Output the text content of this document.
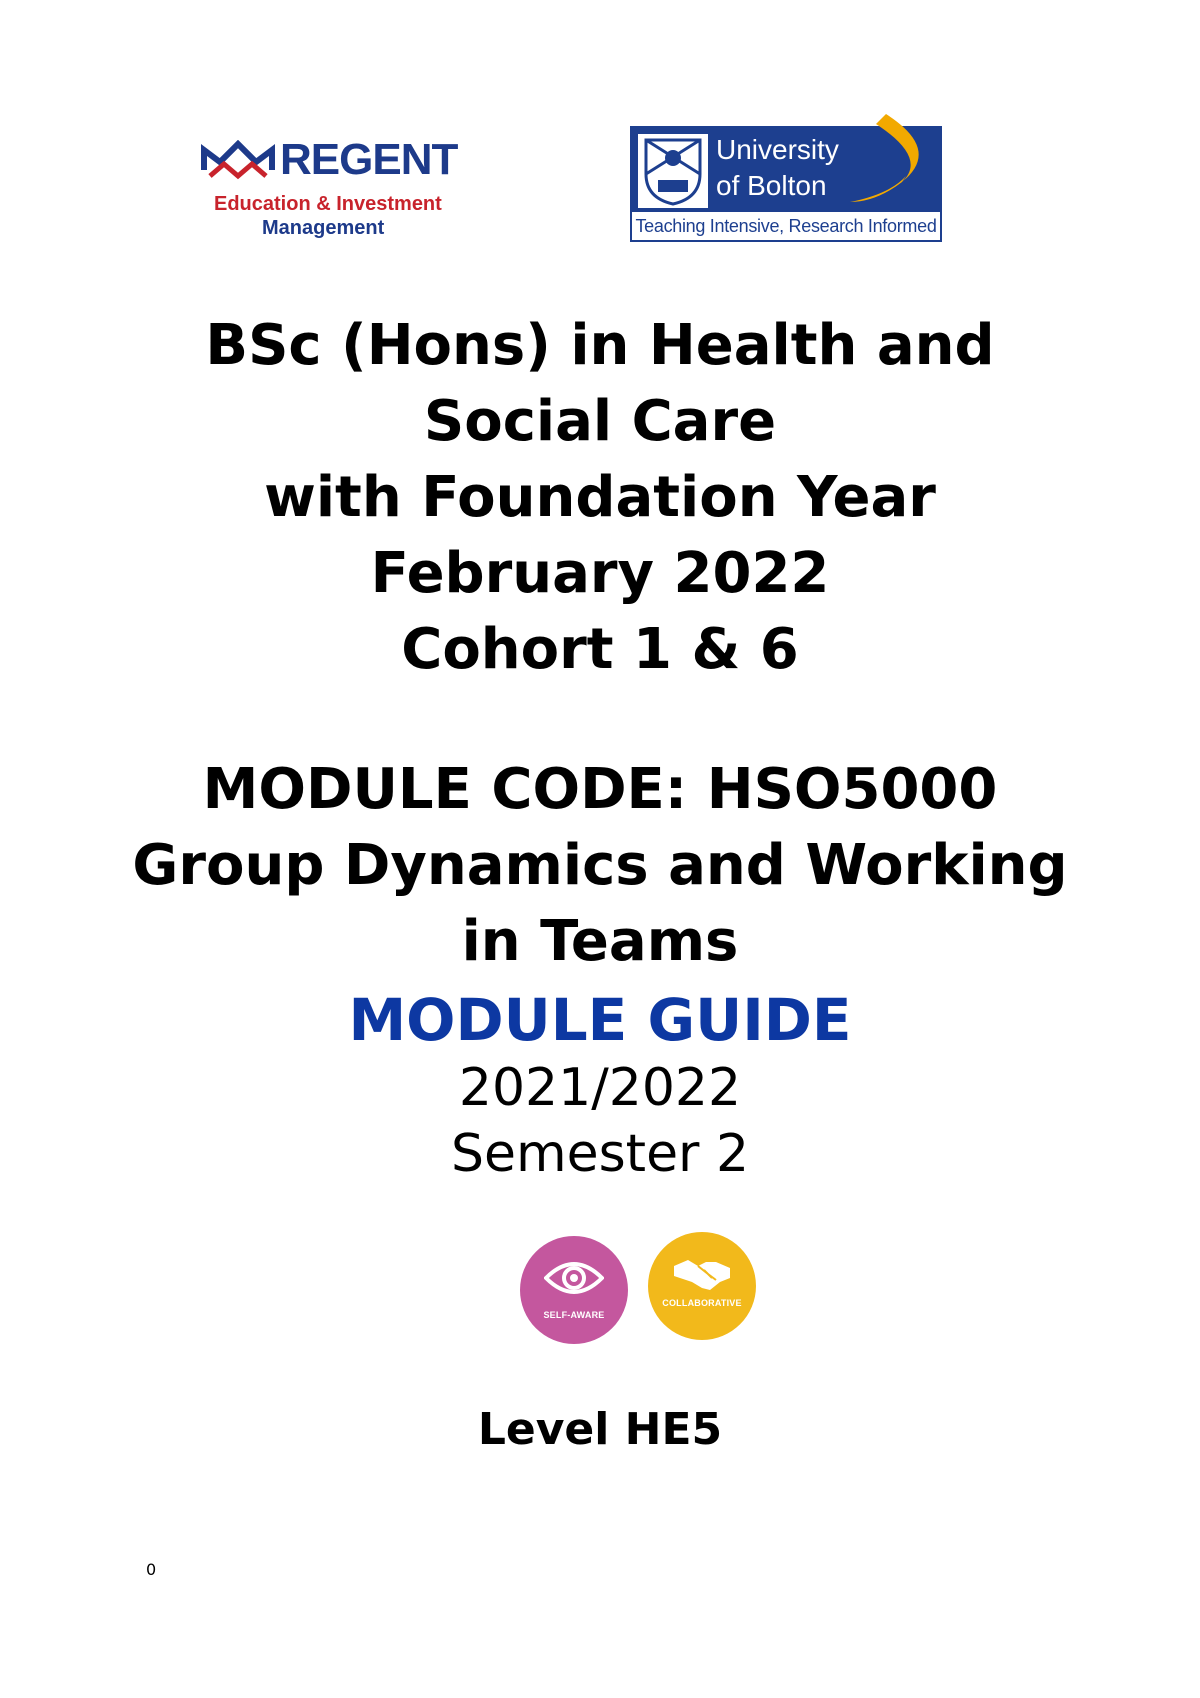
REGENT
Education & Investment
Management
University
of Bolton
Teaching Intensive, Research Informed
BSc (Hons) in Health and
Social Care
with Foundation Year
February 2022
Cohort 1 & 6
MODULE CODE: HSO5000
Group Dynamics and Working
in Teams
MODULE GUIDE
2021/2022
Semester 2
SELF-AWARE
COLLABORATIVE
Level HE5
0
